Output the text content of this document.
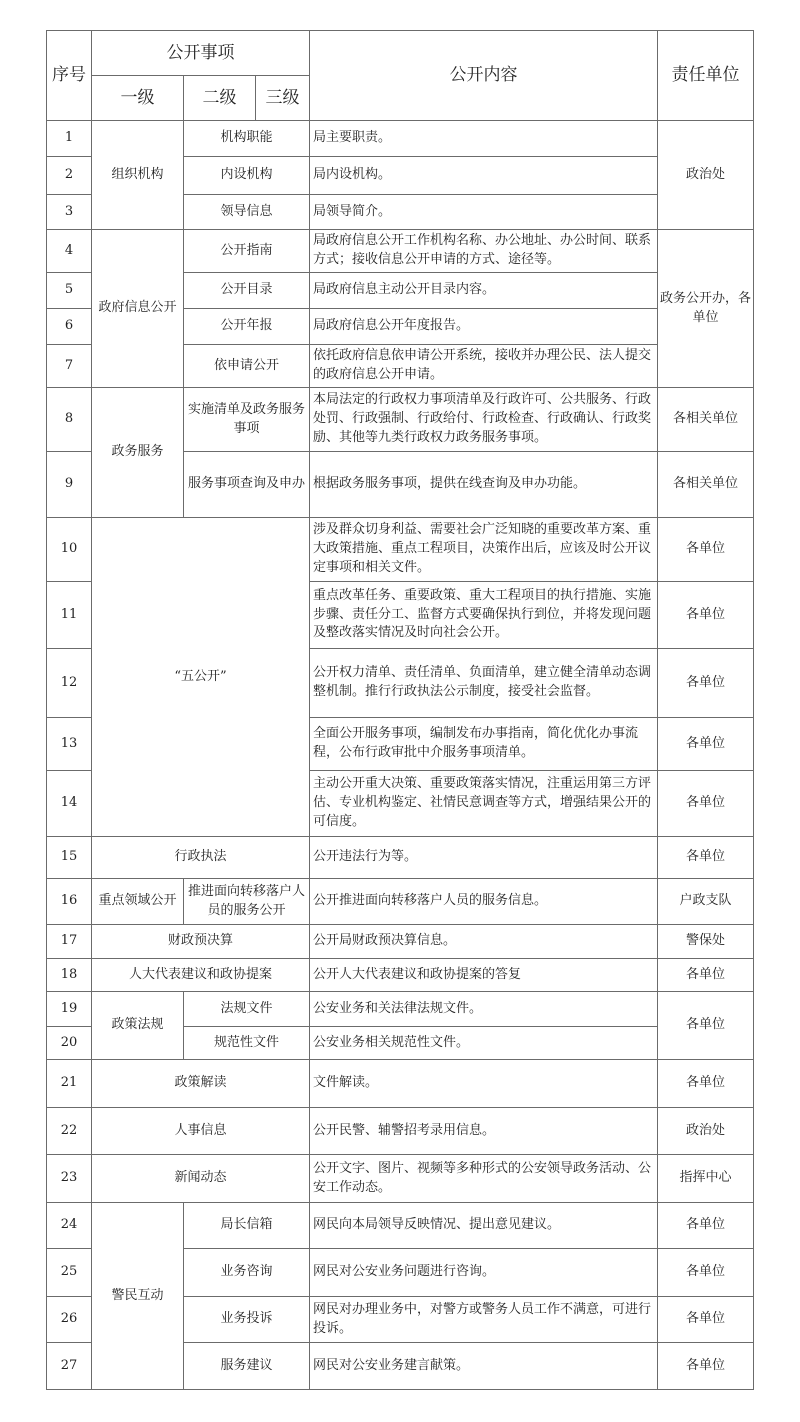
序号	公开事项			公开内容	责任单位
	一级	二级	三级		
1	组织机构	机构职能		局主要职责。	政治处
2		内设机构		局内设机构。	
3		领导信息		局领导简介。	
4	政府信息公开	公开指南		局政府信息公开工作机构名称、办公地址、办公时间、联系方式；接收信息公开申请的方式、途径等。	政务公开办，各单位
5		公开目录		局政府信息主动公开目录内容。	
6		公开年报		局政府信息公开年度报告。	
7		依申请公开		依托政府信息依申请公开系统，接收并办理公民、法人提交的政府信息公开申请。	
8	政务服务	实施清单及政务服务事项		本局法定的行政权力事项清单及行政许可、公共服务、行政处罚、行政强制、行政给付、行政检查、行政确认、行政奖励、其他等九类行政权力政务服务事项。	各相关单位
9		服务事项查询及申办		根据政务服务事项，提供在线查询及申办功能。	各相关单位
10	“五公开”			涉及群众切身利益、需要社会广泛知晓的重要改革方案、重大政策措施、重点工程项目，决策作出后，应该及时公开议定事项和相关文件。	各单位
11				重点改革任务、重要政策、重大工程项目的执行措施、实施步骤、责任分工、监督方式要确保执行到位，并将发现问题及整改落实情况及时向社会公开。	各单位
12				公开权力清单、责任清单、负面清单，建立健全清单动态调整机制。推行行政执法公示制度，接受社会监督。	各单位
13				全面公开服务事项，编制发布办事指南，简化优化办事流程，公布行政审批中介服务事项清单。	各单位
14				主动公开重大决策、重要政策落实情况，注重运用第三方评估、专业机构鉴定、社情民意调查等方式，增强结果公开的可信度。	各单位
15	行政执法			公开违法行为等。	各单位
16	重点领域公开	推进面向转移落户人员的服务公开		公开推进面向转移落户人员的服务信息。	户政支队
17	财政预决算			公开局财政预决算信息。	警保处
18	人大代表建议和政协提案			公开人大代表建议和政协提案的答复	各单位
19	政策法规	法规文件		公安业务和关法律法规文件。	各单位
20		规范性文件		公安业务相关规范性文件。	
21	政策解读			文件解读。	各单位
22	人事信息			公开民警、辅警招考录用信息。	政治处
23	新闻动态			公开文字、图片、视频等多种形式的公安领导政务活动、公安工作动态。	指挥中心
24	警民互动	局长信箱		网民向本局领导反映情况、提出意见建议。	各单位
25		业务咨询		网民对公安业务问题进行咨询。	各单位
26		业务投诉		网民对办理业务中，对警方或警务人员工作不满意，可进行投诉。	各单位
27		服务建议		网民对公安业务建言献策。	各单位
